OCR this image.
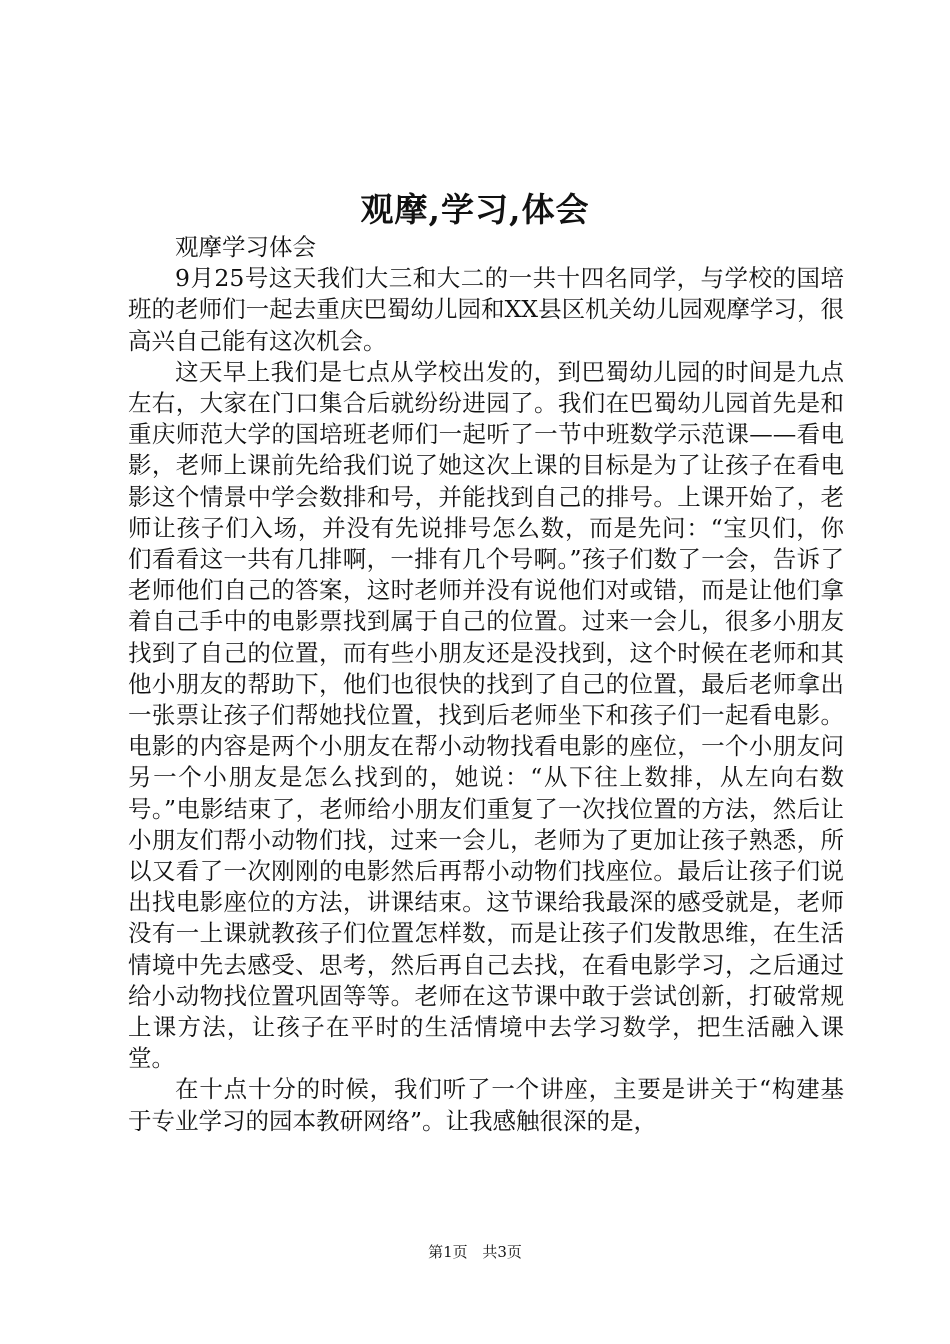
观摩,学习,体会

观摩学习体会

9月25号这天我们大三和大二的一共十四名同学，与学校的国培班的老师们一起去重庆巴蜀幼儿园和XX县区机关幼儿园观摩学习，很高兴自己能有这次机会。

这天早上我们是七点从学校出发的，到巴蜀幼儿园的时间是九点左右，大家在门口集合后就纷纷进园了。我们在巴蜀幼儿园首先是和重庆师范大学的国培班老师们一起听了一节中班数学示范课——看电影，老师上课前先给我们说了她这次上课的目标是为了让孩子在看电影这个情景中学会数排和号，并能找到自己的排号。上课开始了，老师让孩子们入场，并没有先说排号怎么数，而是先问：“宝贝们，你们看看这一共有几排啊，一排有几个号啊。”孩子们数了一会，告诉了老师他们自己的答案，这时老师并没有说他们对或错，而是让他们拿着自己手中的电影票找到属于自己的位置。过来一会儿，很多小朋友找到了自己的位置，而有些小朋友还是没找到，这个时候在老师和其他小朋友的帮助下，他们也很快的找到了自己的位置，最后老师拿出一张票让孩子们帮她找位置，找到后老师坐下和孩子们一起看电影。电影的内容是两个小朋友在帮小动物找看电影的座位，一个小朋友问另一个小朋友是怎么找到的，她说：“从下往上数排，从左向右数号。”电影结束了，老师给小朋友们重复了一次找位置的方法，然后让小朋友们帮小动物们找，过来一会儿，老师为了更加让孩子熟悉，所以又看了一次刚刚的电影然后再帮小动物们找座位。最后让孩子们说出找电影座位的方法，讲课结束。这节课给我最深的感受就是，老师没有一上课就教孩子们位置怎样数，而是让孩子们发散思维，在生活情境中先去感受、思考，然后再自己去找，在看电影学习，之后通过给小动物找位置巩固等等。老师在这节课中敢于尝试创新，打破常规上课方法，让孩子在平时的生活情境中去学习数学，把生活融入课堂。

在十点十分的时候，我们听了一个讲座，主要是讲关于“构建基于专业学习的园本教研网络”。让我感触很深的是，

第1页 共3页
